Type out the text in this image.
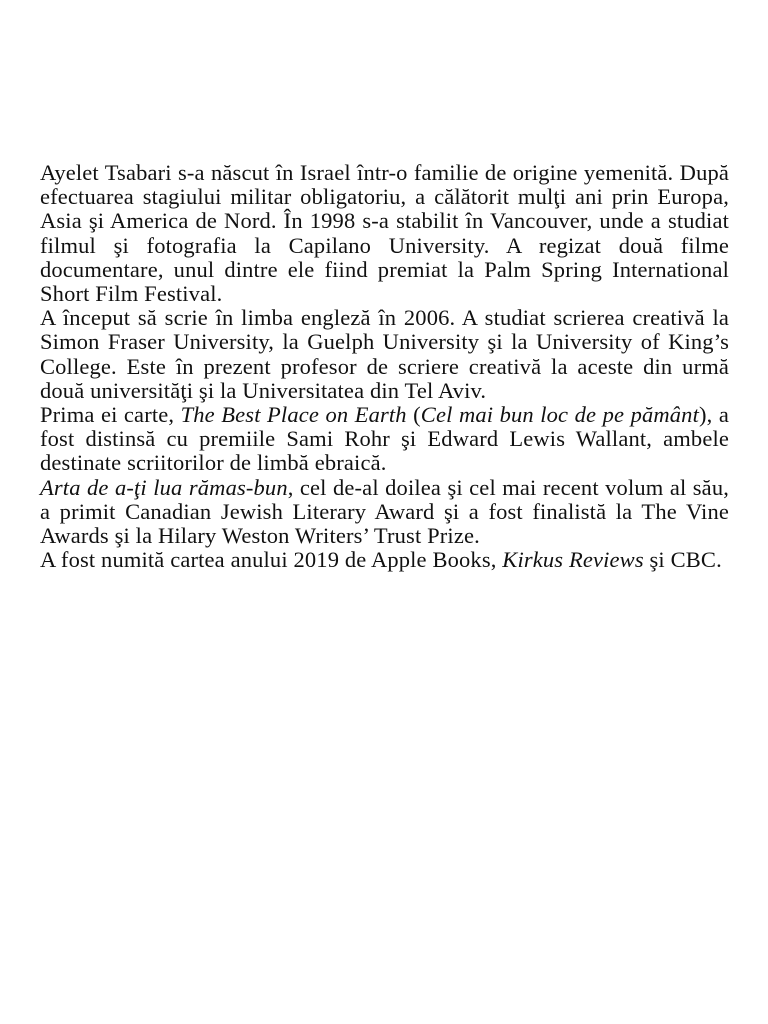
Ayelet Tsabari s-a născut în Israel într-o familie de origine yemenită. După efectuarea stagiului militar obligatoriu, a călătorit mulţi ani prin Europa, Asia şi America de Nord. În 1998 s-a stabilit în Vancouver, unde a studiat filmul şi fotografia la Capilano University. A regizat două filme documentare, unul dintre ele fiind premiat la Palm Spring International Short Film Festival.

A început să scrie în limba engleză în 2006. A studiat scrierea creativă la Simon Fraser University, la Guelph University şi la University of King’s College. Este în prezent profesor de scriere creativă la aceste din urmă două universităţi şi la Universitatea din Tel Aviv.

Prima ei carte, The Best Place on Earth (Cel mai bun loc de pe pământ), a fost distinsă cu premiile Sami Rohr şi Edward Lewis Wallant, ambele destinate scriitorilor de limbă ebraică.

Arta de a-ţi lua rămas-bun, cel de-al doilea şi cel mai recent volum al său, a primit Canadian Jewish Literary Award şi a fost finalistă la The Vine Awards şi la Hilary Weston Writers’ Trust Prize.

A fost numită cartea anului 2019 de Apple Books, Kirkus Reviews şi CBC.
